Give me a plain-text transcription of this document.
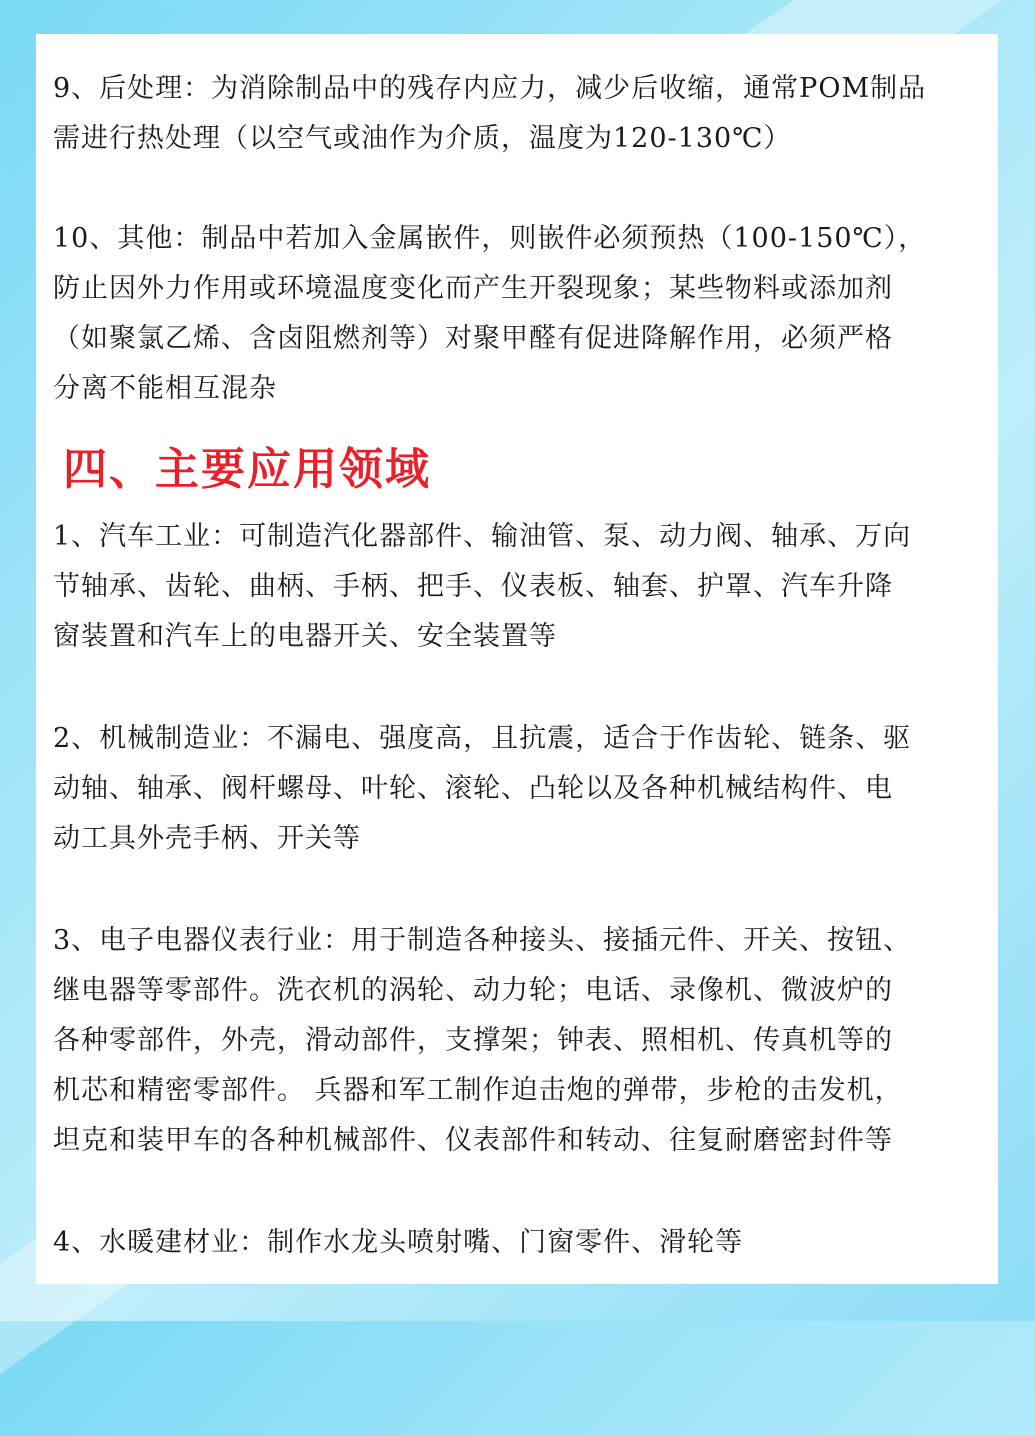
9、后处理：为消除制品中的残存内应力，减少后收缩，通常POM制品
需进行热处理（以空气或油作为介质，温度为120-130℃）

10、其他：制品中若加入金属嵌件，则嵌件必须预热（100-150℃），
防止因外力作用或环境温度变化而产生开裂现象；某些物料或添加剂
（如聚氯乙烯、含卤阻燃剂等）对聚甲醛有促进降解作用，必须严格
分离不能相互混杂

四、主要应用领域

1、汽车工业：可制造汽化器部件、输油管、泵、动力阀、轴承、万向
节轴承、齿轮、曲柄、手柄、把手、仪表板、轴套、护罩、汽车升降
窗装置和汽车上的电器开关、安全装置等

2、机械制造业：不漏电、强度高，且抗震，适合于作齿轮、链条、驱
动轴、轴承、阀杆螺母、叶轮、滚轮、凸轮以及各种机械结构件、电
动工具外壳手柄、开关等

3、电子电器仪表行业：用于制造各种接头、接插元件、开关、按钮、
继电器等零部件。洗衣机的涡轮、动力轮；电话、录像机、微波炉的
各种零部件，外壳，滑动部件，支撑架；钟表、照相机、传真机等的
机芯和精密零部件。 兵器和军工制作迫击炮的弹带，步枪的击发机，
坦克和装甲车的各种机械部件、仪表部件和转动、往复耐磨密封件等

4、水暖建材业：制作水龙头喷射嘴、门窗零件、滑轮等
